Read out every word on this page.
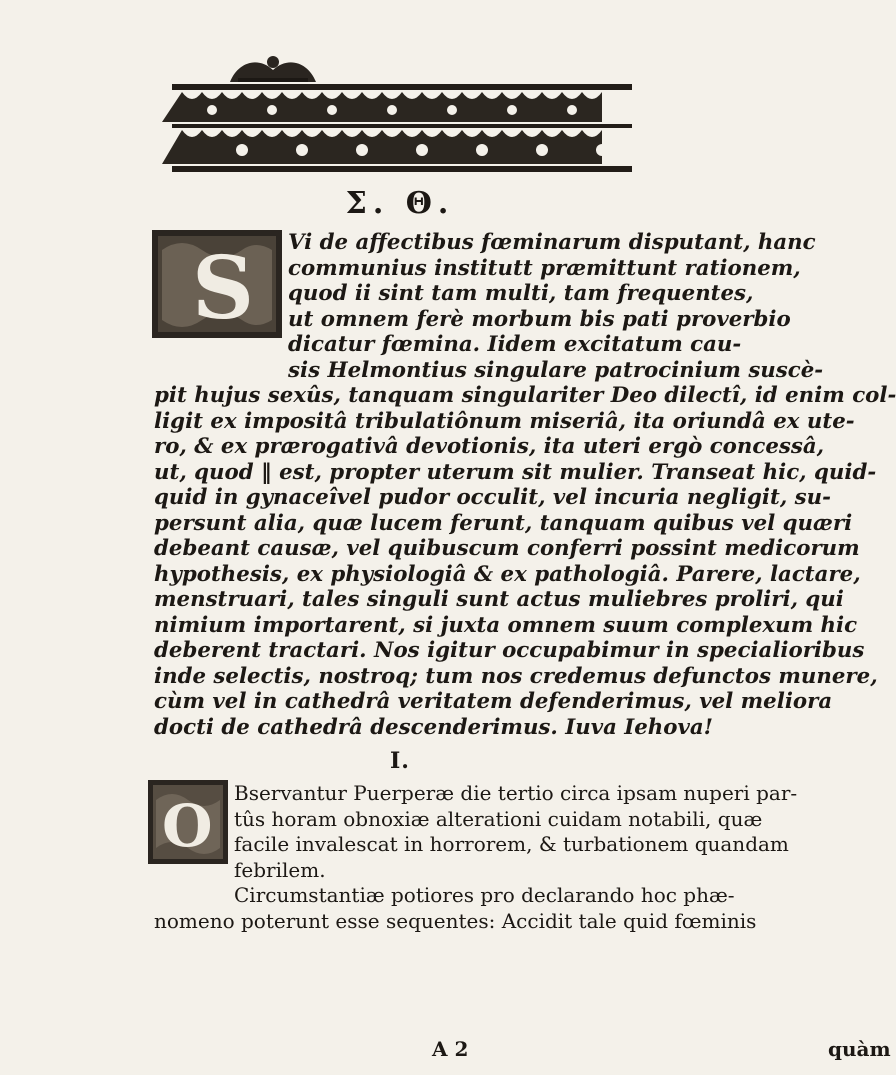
Σ. Θ.
S	Vi de affectibus fœminarum disputant, hanc
communius institutt præmittunt rationem,
quod ii sint tam multi, tam frequentes,
ut omnem ferè morbum bis pati proverbio
dicatur fœmina. Iidem excitatum cau-
sis Helmontius singulare patrocinium suscè-
pit hujus sexûs, tanquam singulariter Deo dilectî, id enim col-
ligit ex impositâ tribulatiônum miseriâ, ita oriundâ ex ute-
ro, & ex prærogativâ devotionis, ita uteri ergò concessâ,
ut, quod ‖ est, propter uterum sit mulier. Transeat hic, quid-
quid in gynaceîvel pudor occulit, vel incuria negligit, su-
persunt alia, quæ lucem ferunt, tanquam quibus vel quæri
debeant causæ, vel quibuscum conferri possint medicorum
hypothesis, ex physiologiâ & ex pathologiâ. Parere, lactare,
menstruari, tales singuli sunt actus muliebres proliri, qui
nimium importarent, si juxta omnem suum complexum hic
deberent tractari. Nos igitur occupabimur in specialioribus
inde selectis, nostroq; tum nos credemus defunctos munere,
cùm vel in cathedrâ veritatem defenderimus, vel meliora
docti de cathedrâ descenderimus. Iuva Iehova!
I.
O	Bservantur Puerperæ die tertio circa ipsam nuperi par-
tûs horam obnoxiæ alterationi cuidam notabili, quæ
facile invalescat in horrorem, & turbationem quandam
febrilem.
Circumstantiæ potiores pro declarando hoc phæ-
nomeno poterunt esse sequentes: Accidit tale quid fœminis
A 2	quàm
